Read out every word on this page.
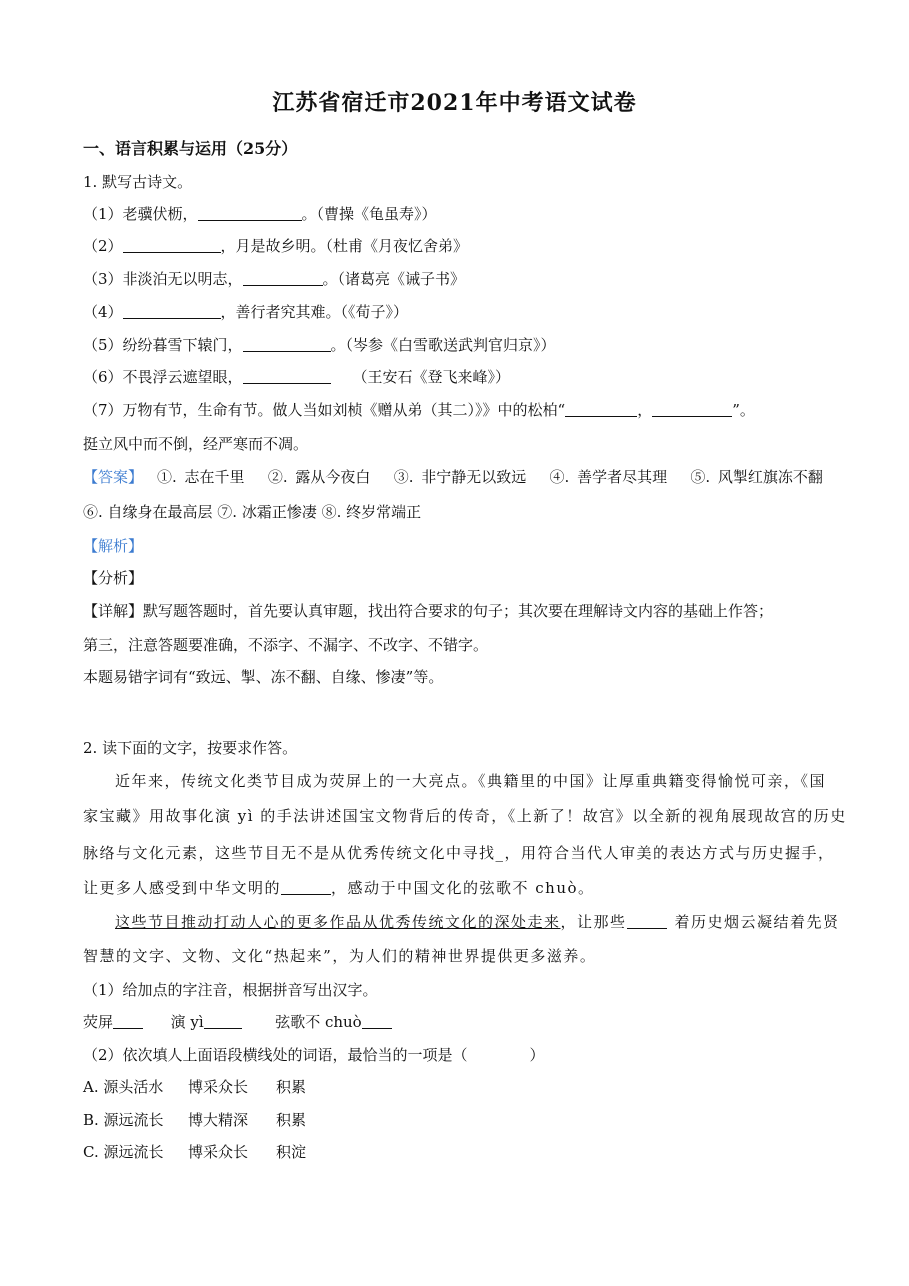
江苏省宿迁市2021年中考语文试卷
一、语言积累与运用（25分）
1. 默写古诗文。
（1）老骥伏枥，	。（曹操《龟虽寿》）
（2）	，月是故乡明。（杜甫《月夜忆舍弟》
（3）非淡泊无以明志，	。（诸葛亮《诫子书》
（4）	，善行者究其难。（《荀子》）
（5）纷纷暮雪下辕门，	。（岑参《白雪歌送武判官归京》）
（6）不畏浮云遮望眼，	（王安石《登飞来峰》）
（7）万物有节，生命有节。做人当如刘桢《赠从弟（其二）》》中的松柏“	，	”。
挺立风中而不倒，经严寒而不凋。
【答案】 ①. 志在千里   ②. 露从今夜白   ③. 非宁静无以致远   ④. 善学者尽其理   ⑤. 风掣红旗冻不翻
⑥. 自缘身在最高层 ⑦. 冰霜正惨凄 ⑧. 终岁常端正
【解析】
【分析】
【详解】默写题答题时，首先要认真审题，找出符合要求的句子；其次要在理解诗文内容的基础上作答；
第三，注意答题要准确，不添字、不漏字、不改字、不错字。
本题易错字词有“致远、掣、冻不翻、自缘、惨凄”等。
2. 读下面的文字，按要求作答。
近年来，传统文化类节目成为荧屏上的一大亮点。《典籍里的中国》让厚重典籍变得愉悦可亲，《国
家宝藏》用故事化演 yì 的手法讲述国宝文物背后的传奇，《上新了！故宫》以全新的视角展现故宫的历史
脉络与文化元素，这些节目无不是从优秀传统文化中寻找_，用符合当代人审美的表达方式与历史握手，
让更多人感受到中华文明的	，感动于中国文化的弦歌不 chuò。
这些节目推动打动人心的更多作品从优秀传统文化的深处走来，让那些	着历史烟云凝结着先贤
智慧的文字、文物、文化“热起来”，为人们的精神世界提供更多滋养。
（1）给加点的字注音，根据拼音写出汉字。
荧屏	演 yì	弦歌不 chuò
（2）依次填人上面语段横线处的词语，最恰当的一项是（	）
A. 源头活水 博采众长 积累
B. 源远流长 博大精深 积累
C. 源远流长 博采众长 积淀
